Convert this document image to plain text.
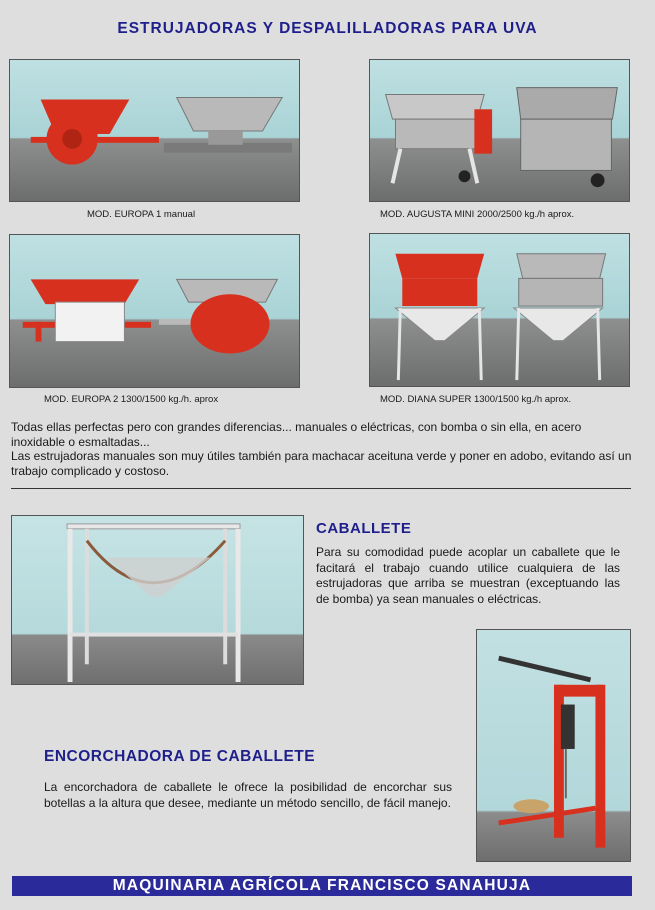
ESTRUJADORAS Y DESPALILLADORAS PARA UVA
MOD. EUROPA 1 manual	MOD. AUGUSTA MINI 2000/2500 kg./h aprox.
MOD. EUROPA 2 1300/1500 kg./h. aprox	MOD. DIANA SUPER 1300/1500 kg./h aprox.

Todas ellas perfectas pero con grandes diferencias... manuales o eléctricas, con bomba o sin ella, en acero inoxidable o esmaltadas...

Las estrujadoras manuales son muy útiles también para machacar aceituna verde y poner en adobo, evitando así un trabajo complicado y costoso.

CABALLETE
Para su comodidad puede acoplar un caballete que le facitará el trabajo cuando utilice cualquiera de las estrujadoras que arriba se muestran (exceptuando las de bomba) ya sean manuales o eléctricas.
ENCORCHADORA DE CABALLETE
La encorchadora de caballete le ofrece la posibilidad de encorchar sus botellas a la altura que desee, mediante un método sencillo, de fácil manejo.
MAQUINARIA AGRÍCOLA FRANCISCO SANAHUJA
